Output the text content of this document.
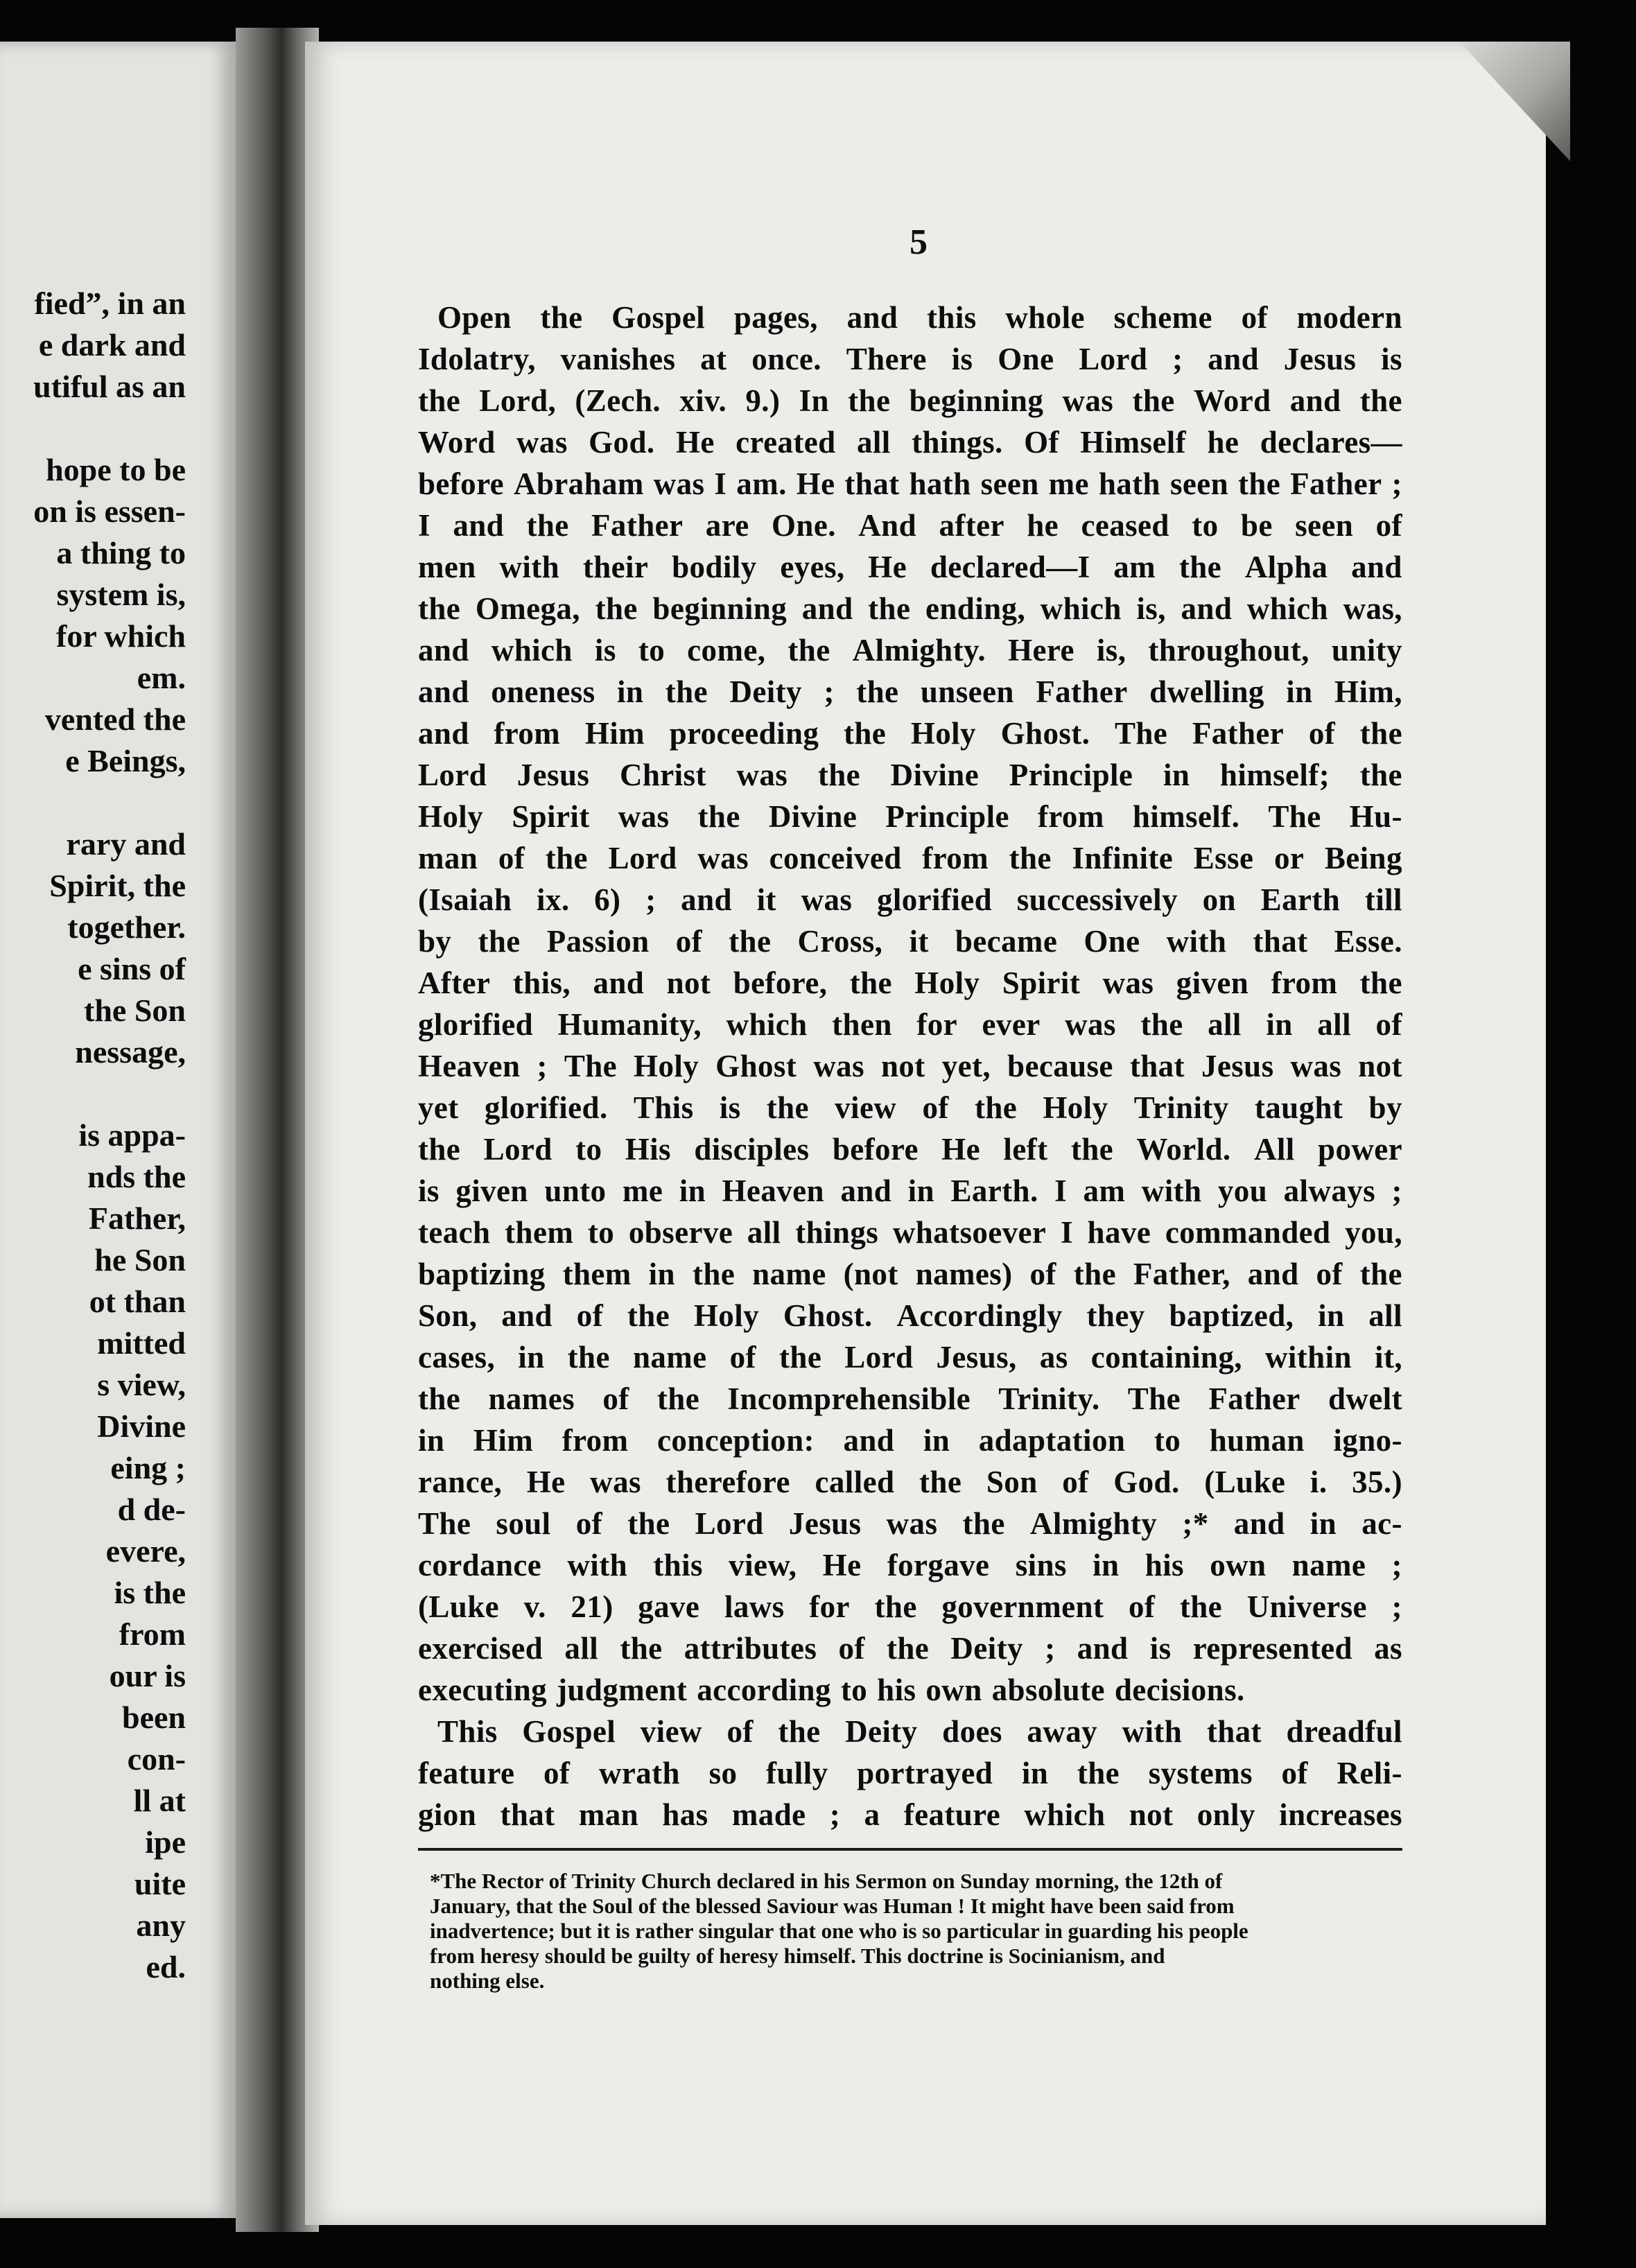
fied”, in an
e dark and
utiful as an

hope to be
on is essen-
a thing to
system is,
for which
em.
vented the
e Beings,

rary and
Spirit, the
together.
e sins of
the Son
nessage,

is appa-
nds the
Father,
he Son
ot than
mitted
s view,
Divine
eing ;
d de-
evere,
is the
from
our is
been
con-
ll at
ipe
uite
any
ed.
5
Open the Gospel pages, and this whole scheme of modern
Idolatry, vanishes at once. There is One Lord ; and Jesus is
the Lord, (Zech. xiv. 9.) In the beginning was the Word and the
Word was God. He created all things. Of Himself he declares—
before Abraham was I am. He that hath seen me hath seen the Father ;
I and the Father are One. And after he ceased to be seen of
men with their bodily eyes, He declared—I am the Alpha and
the Omega, the beginning and the ending, which is, and which was,
and which is to come, the Almighty. Here is, throughout, unity
and oneness in the Deity ; the unseen Father dwelling in Him,
and from Him proceeding the Holy Ghost. The Father of the
Lord Jesus Christ was the Divine Principle in himself; the
Holy Spirit was the Divine Principle from himself. The Hu-
man of the Lord was conceived from the Infinite Esse or Being
(Isaiah ix. 6) ; and it was glorified successively on Earth till
by the Passion of the Cross, it became One with that Esse.
After this, and not before, the Holy Spirit was given from the
glorified Humanity, which then for ever was the all in all of
Heaven ; The Holy Ghost was not yet, because that Jesus was not
yet glorified. This is the view of the Holy Trinity taught by
the Lord to His disciples before He left the World. All power
is given unto me in Heaven and in Earth. I am with you always ;
teach them to observe all things whatsoever I have commanded you,
baptizing them in the name (not names) of the Father, and of the
Son, and of the Holy Ghost. Accordingly they baptized, in all
cases, in the name of the Lord Jesus, as containing, within it,
the names of the Incomprehensible Trinity. The Father dwelt
in Him from conception: and in adaptation to human igno-
rance, He was therefore called the Son of God. (Luke i. 35.)
The soul of the Lord Jesus was the Almighty ;* and in ac-
cordance with this view, He forgave sins in his own name ;
(Luke v. 21) gave laws for the government of the Universe ;
exercised all the attributes of the Deity ; and is represented as
executing judgment according to his own absolute decisions.
This Gospel view of the Deity does away with that dreadful
feature of wrath so fully portrayed in the systems of Reli-
gion that man has made ; a feature which not only increases
*The Rector of Trinity Church declared in his Sermon on Sunday morning, the 12th of
January, that the Soul of the blessed Saviour was Human ! It might have been said from
inadvertence; but it is rather singular that one who is so particular in guarding his people
from heresy should be guilty of heresy himself. This doctrine is Socinianism, and
nothing else.
